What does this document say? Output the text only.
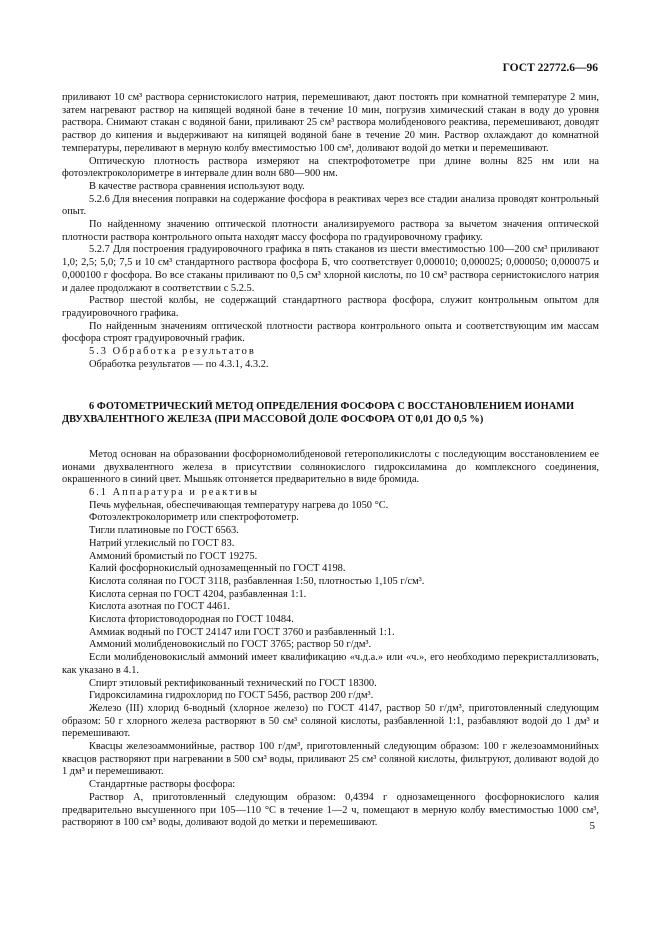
ГОСТ 22772.6—96

приливают 10 см³ раствора сернистокислого натрия, перемешивают, дают постоять при комнатной температуре 2 мин, затем нагревают раствор на кипящей водяной бане в течение 10 мин, погрузив химический стакан в воду до уровня раствора. Снимают стакан с водяной бани, приливают 25 см³ раствора молибденового реактива, перемешивают, доводят раствор до кипения и выдерживают на кипящей водяной бане в течение 20 мин. Раствор охлаждают до комнатной температуры, переливают в мерную колбу вместимостью 100 см³, доливают водой до метки и перемешивают.

Оптическую плотность раствора измеряют на спектрофотометре при длине волны 825 нм или на фотоэлектроколориметре в интервале длин волн 680—900 нм.

В качестве раствора сравнения используют воду.

5.2.6 Для внесения поправки на содержание фосфора в реактивах через все стадии анализа проводят контрольный опыт.

По найденному значению оптической плотности анализируемого раствора за вычетом значения оптической плотности раствора контрольного опыта находят массу фосфора по градуировочному графику.

5.2.7 Для построения градуировочного графика в пять стаканов из шести вместимостью 100—200 см³ приливают 1,0; 2,5; 5,0; 7,5 и 10 см³ стандартного раствора фосфора Б, что соответствует 0,000010; 0,000025; 0,000050; 0,000075 и 0,000100 г фосфора. Во все стаканы приливают по 0,5 см³ хлорной кислоты, по 10 см³ раствора сернистокислого натрия и далее продолжают в соответствии с 5.2.5.

Раствор шестой колбы, не содержащий стандартного раствора фосфора, служит контрольным опытом для градуировочного графика.

По найденным значениям оптической плотности раствора контрольного опыта и соответствующим им массам фосфора строят градуировочный график.

5.3 Обработка результатов

Обработка результатов — по 4.3.1, 4.3.2.

6 ФОТОМЕТРИЧЕСКИЙ МЕТОД ОПРЕДЕЛЕНИЯ ФОСФОРА С ВОССТАНОВЛЕНИЕМ ИОНАМИ ДВУХВАЛЕНТНОГО ЖЕЛЕЗА (ПРИ МАССОВОЙ ДОЛЕ ФОСФОРА ОТ 0,01 ДО 0,5 %)

Метод основан на образовании фосфорномолибденовой гетерополикислоты с последующим восстановлением ее ионами двухвалентного железа в присутствии солянокислого гидроксиламина до комплексного соединения, окрашенного в синий цвет. Мышьяк отгоняется предварительно в виде бромида.

6.1 Аппаратура и реактивы

Печь муфельная, обеспечивающая температуру нагрева до 1050 °С.

Фотоэлектроколориметр или спектрофотометр.

Тигли платиновые по ГОСТ 6563.

Натрий углекислый по ГОСТ 83.

Аммоний бромистый по ГОСТ 19275.

Калий фосфорнокислый однозамещенный по ГОСТ 4198.

Кислота соляная по ГОСТ 3118, разбавленная 1:50, плотностью 1,105 г/см³.

Кислота серная по ГОСТ 4204, разбавленная 1:1.

Кислота азотная по ГОСТ 4461.

Кислота фтористоводородная по ГОСТ 10484.

Аммиак водный по ГОСТ 24147 или ГОСТ 3760 и разбавленный 1:1.

Аммоний молибденовокислый по ГОСТ 3765; раствор 50 г/дм³.

Если молибденовокислый аммоний имеет квалификацию «ч.д.а.» или «ч.», его необходимо перекристаллизовать, как указано в 4.1.

Спирт этиловый ректификованный технический по ГОСТ 18300.

Гидроксиламина гидрохлорид по ГОСТ 5456, раствор 200 г/дм³.

Железо (III) хлорид 6-водный (хлорное железо) по ГОСТ 4147, раствор 50 г/дм³, приготовленный следующим образом: 50 г хлорного железа растворяют в 50 см³ соляной кислоты, разбавленной 1:1, разбавляют водой до 1 дм³ и перемешивают.

Квасцы железоаммонийные, раствор 100 г/дм³, приготовленный следующим образом: 100 г железоаммонийных квасцов растворяют при нагревании в 500 см³ воды, приливают 25 см³ соляной кислоты, фильтруют, доливают водой до 1 дм³ и перемешивают.

Стандартные растворы фосфора:

Раствор А, приготовленный следующим образом: 0,4394 г однозамещенного фосфорнокислого калия предварительно высушенного при 105—110 °С в течение 1—2 ч, помещают в мерную колбу вместимостью 1000 см³, растворяют в 100 см³ воды, доливают водой до метки и перемешивают.	5
